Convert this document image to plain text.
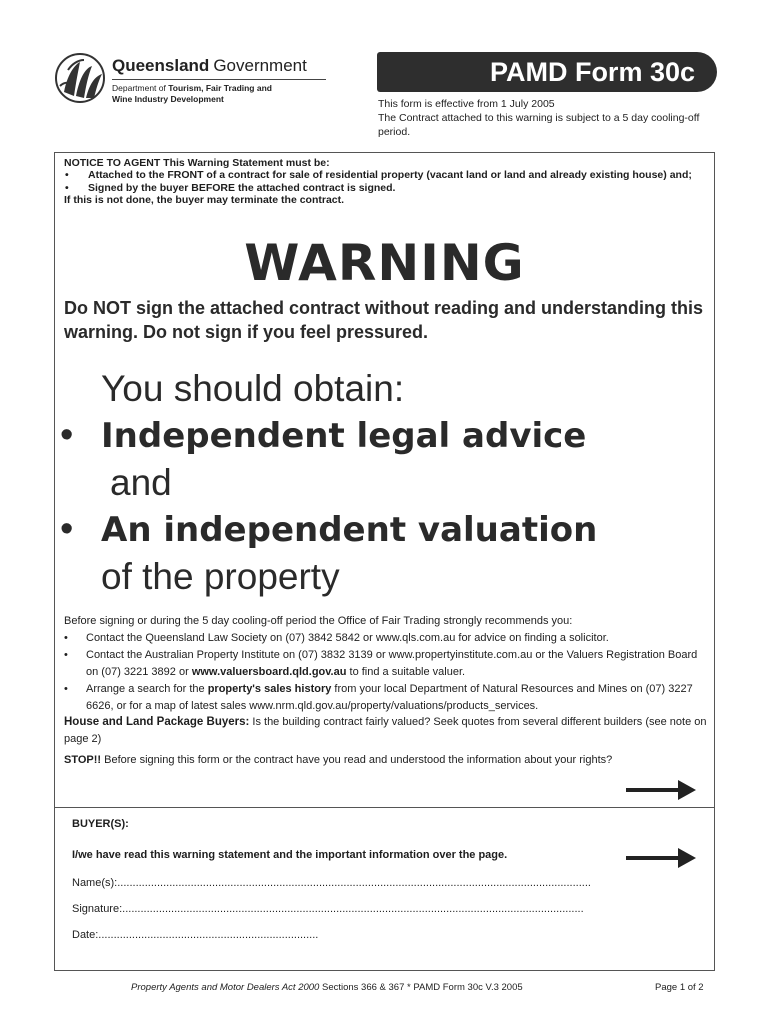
Queensland Government
Department of Tourism, Fair Trading and
Wine Industry Development
PAMD Form 30c
This form is effective from 1 July 2005
The Contract attached to this warning is subject to a 5 day cooling-off period.
NOTICE TO AGENT This Warning Statement must be:
• Attached to the FRONT of a contract for sale of residential property (vacant land or land and already existing house) and;
• Signed by the buyer BEFORE the attached contract is signed.
If this is not done, the buyer may terminate the contract.
WARNING
Do NOT sign the attached contract without reading and understanding this warning. Do not sign if you feel pressured.
You should obtain:
• Independent legal advice
and
• An independent valuation
of the property

Before signing or during the 5 day cooling-off period the Office of Fair Trading strongly recommends you:

• Contact the Queensland Law Society on (07) 3842 5842 or www.qls.com.au for advice on finding a solicitor.
• Contact the Australian Property Institute on (07) 3832 3139 or www.propertyinstitute.com.au or the Valuers Registration Board on (07) 3221 3892 or www.valuersboard.qld.gov.au to find a suitable valuer.
• Arrange a search for the property's sales history from your local Department of Natural Resources and Mines on (07) 3227 6626, or for a map of latest sales www.nrm.qld.gov.au/property/valuations/products_services.

House and Land Package Buyers: Is the building contract fairly valued? Seek quotes from several different builders (see note on page 2)

STOP!! Before signing this form or the contract have you read and understood the information about your rights?

BUYER(S):
I/we have read this warning statement and the important information over the page.
Name(s):...........................................................................................................................................................
Signature:.......................................................................................................................................................
Date:........................................................................
Property Agents and Motor Dealers Act 2000 Sections 366 & 367 * PAMD Form 30c V.3 2005	Page 1 of 2
